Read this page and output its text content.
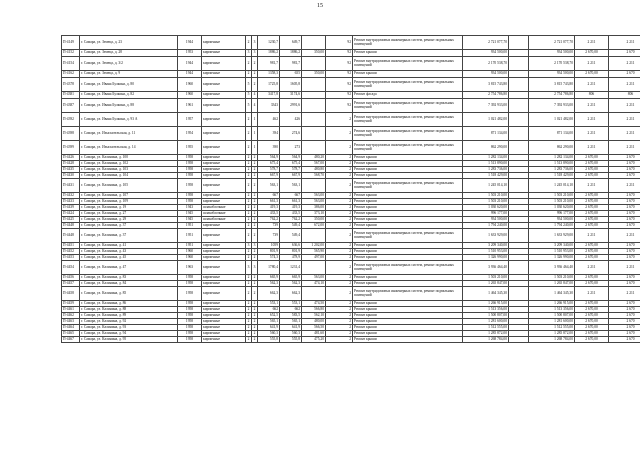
15
П-4149	г. Самара, ул. Земеца, д. 23	1944	кирпичные	2	3	1230,7	649,7		92	Ремонт внутридомовых инженерных систем, ремонт подвальных помещений	2 721 077,70		2 721 077,70	2 211	2 211
П-4152	г. Самара, ул. Земеца, д. 28	1953	кирпичные	3	3	1886,2	1886,2	350,00	92	Ремонт крыши	934 500,00		934 500,00	2 670,00	2 670
П-4154	г. Самара, ул. Земеца, д. 3/2	1944	кирпичные	2	2	981,7	981,7		92	Ремонт внутридомовых инженерных систем, ремонт подвальных помещений	2 170 538,70		2 170 538,70	2 211	2 211
П-4162	г. Самара, ул. Земеца, д. 9	1944	кирпичные	2	2	1358,3	655	350,00	92	Ремонт крыши	934 500,00		934 500,00	2 670,00	2 670
П-4378	г. Самара, ул. Ивана Булкина, д. 80	1960	кирпичные	5	2	1725,8	1605,8		92	Ремонт внутридомовых инженерных систем, ремонт подвальных помещений	3 815 743,80		3 815 743,80	2 211	2 211
П-4381	г. Самара, ул. Ивана Булкина, д. 82	1960	кирпичные	5	4	3417,8	3174,6		92	Ремонт фасада	2 754 786,80		2 754 786,80	806	806
П-4387	г. Самара, ул. Ивана Булкина, д. 88	1961	кирпичные	5	4	3343	2991,6		92	Ремонт внутридомовых инженерных систем, ремонт подвальных помещений	7 392 933,00		7 392 933,00	2 211	2 211
П-4392	г. Самара, ул. Ивана Булкина, д. 93 А	1957	кирпичные	2	1	462	426		2	Ремонт внутридомовых инженерных систем, ремонт подвальных помещений	1 021 482,00		1 021 482,00	2 211	2 211
П-4398	г. Самара, ул. Изыскательская, д. 11	1954	кирпичные	2	1	394	274,6		2	Ремонт внутридомовых инженерных систем, ремонт подвальных помещений	871 134,00		871 134,00	2 211	2 211
П-4399	г. Самара, ул. Изыскательская, д. 14	1955	кирпичные	2	1	390	273		2	Ремонт внутридомовых инженерных систем, ремонт подвальных помещений	862 290,00		862 290,00	2 211	2 211
П-4426	г. Самара, ул. Калинина, д. 100	1958	кирпичные	2	2	564,9	564,9	480,20	2	Ремонт крыши	1 282 134,00		1 282 134,00	2 670,00	2 670
П-4428	г. Самара, ул. Калинина, д. 102	1958	кирпичные	2	2	675,4	675,4	567,00	2	Ремонт крыши	1 513 890,00		1 513 890,00	2 670,00	2 670
П-4435	г. Самара, ул. Калинина, д. 103	1958	кирпичные	2	2	578,7	578,7	480,80	2	Ремонт крыши	1 283 736,00		1 283 736,00	2 670,00	2 670
П-4430	г. Самара, ул. Калинина, д. 104	1958	кирпичные	2	2	667,9	667,9	568,70	2	Ремонт крыши	1 518 429,00		1 518 429,00	2 670,00	2 670
П-4431	г. Самара, ул. Калинина, д. 105	1958	кирпичные	2	2	563,1	563,1		2	Ремонт внутридомовых инженерных систем, ремонт подвальных помещений	1 245 014,10		1 245 014,10	2 211	2 211
П-4432	г. Самара, ул. Калинина, д. 107	1958	кирпичные	2	2	667	667	563,00	2	Ремонт крыши	1 503 210,00		1 503 210,00	2 670,00	2 670
П-4433	г. Самара, ул. Калинина, д. 109	1958	кирпичные	2	2	661,3	661,3	563,00	2	Ремонт крыши	1 503 210,00		1 503 210,00	2 670,00	2 670
П-4439	г. Самара, ул. Калинина, д. 19	1943	шлакоблочные	2	2	419,3	419,3	386,00	2	Ремонт крыши	1 030 620,00		1 030 620,00	2 670,00	2 670
П-4424	г. Самара, ул. Калинина, д. 27	1945	шлакоблочные	2	2	433,5	433,5	373,10	2	Ремонт крыши	996 177,00		996 177,00	2 670,00	2 670
П-4425	г. Самара, ул. Калинина, д. 29	1945	шлакоблочные	2	2	762,2	762,2	350,00	2	Ремонт крыши	934 500,00		934 500,00	2 670,00	2 670
П-4448	г. Самара, ул. Калинина, д. 37	1951	кирпичные	2	2	739	549,4	672,00	2	Ремонт крыши	1 794 240,00		1 794 240,00	2 670,00	2 670
П-4448	г. Самара, ул. Калинина, д. 37	1951	кирпичные	2	2	739	549,4		2	Ремонт внутридомовых инженерных систем, ремонт подвальных помещений	1 633 929,00		1 633 929,00	2 211	2 211
П-4451	г. Самара, ул. Калинина, д. 41	1951	кирпичные	3	3	1059	636,6	1 202,00	2	Ремонт крыши	3 209 340,00		3 209 340,00	2 670,00	2 670
П-4452	г. Самара, ул. Калинина, д. 43	1960	кирпичные	2	2	801,9	801,9	565,90	2	Ремонт крыши	1 510 953,00		1 510 953,00	2 670,00	2 670
П-4453	г. Самара, ул. Калинина, д. 45	1960	кирпичные	2	2	574,3	478,9	497,00	2	Ремонт крыши	1 326 990,00		1 326 990,00	2 670,00	2 670
П-4454	г. Самара, ул. Калинина, д. 47	1963	кирпичные	3	3	1780,4	1231,4		2	Ремонт внутридомовых инженерных систем, ремонт подвальных помещений	3 936 464,40		3 936 464,40	2 211	2 211
П-4456	г. Самара, ул. Калинина, д. 83	1958	кирпичные	2	2	665,9	665,9	563,00	2	Ремонт крыши	1 503 210,00		1 503 210,00	2 670,00	2 670
П-4457	г. Самара, ул. Калинина, д. 84	1958	кирпичные	2	2	562,3	562,3	474,10	2	Ремонт крыши	1 265 847,00		1 265 847,00	2 670,00	2 670
П-4458	г. Самара, ул. Калинина, д. 85	1958	кирпичные	2	2	662,3	662,3		2	Ремонт внутридомовых инженерных систем, ремонт подвальных помещений	1 464 345,30		1 464 345,30	2 211	2 211
П-4459	г. Самара, ул. Калинина, д. 86	1958	кирпичные	2	2	553,1	553,1	474,50	2	Ремонт крыши	1 266 915,00		1 266 915,00	2 670,00	2 670
П-4461	г. Самара, ул. Калинина, д. 88	1958	кирпичные	2	2	662	662	566,80	2	Ремонт крыши	1 513 356,00		1 513 356,00	2 670,00	2 670
П-4462	г. Самара, ул. Калинина, д. 89	1958	кирпичные	2	2	652,5	583,5	562,10	2	Ремонт крыши	1 500 807,00		1 500 807,00	2 670,00	2 670
П-4463	г. Самара, ул. Калинина, д. 92	1958	кирпичные	2	2	565,1	565,1	480,00	2	Ремонт крыши	1 281 600,00		1 281 600,00	2 670,00	2 670
П-4464	г. Самара, ул. Калинина, д. 93	1958	кирпичные	2	2	641,9	641,9	566,50	2	Ремонт крыши	1 512 555,00		1 512 555,00	2 670,00	2 670
П-4465	г. Самара, ул. Калинина, д. 94	1958	кирпичные	2	2	560,3	560,3	481,60	2	Ремонт крыши	1 285 872,00		1 285 872,00	2 670,00	2 670
П-4467	г. Самара, ул. Калинина, д. 95	1958	кирпичные	2	2	555,8	555,8	475,20	2	Ремонт крыши	1 268 784,00		1 268 784,00	2 670,00	2 670
